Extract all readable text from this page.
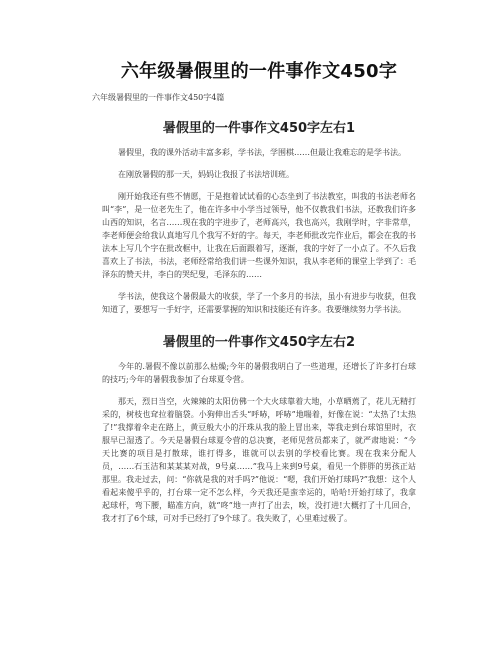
六年级暑假里的一件事作文450字

六年级暑假里的一件事作文450字4篇

暑假里的一件事作文450字左右1

暑假里，我的课外活动丰富多彩，学书法，学围棋……但最让我难忘的是学书法。

在刚放暑假的那一天，妈妈让我报了书法培训班。

刚开始我还有些不情愿，于是抱着试试看的心态坐到了书法教室，叫我的书法老师名叫“李”，是一位老先生了，他在许多中小学当过领导，他不仅教我们书法，还教我们许多山西的知识，名言……现在我的字进步了，老师高兴，我也高兴，我刚学时，字非常草，李老师便会给我认真地写几个我写不好的字。每天，李老师批改完作业后，都会在我的书法本上写几个字在批改框中，让我在后面跟着写，逐渐，我的字好了一小点了。不久后我喜欢上了书法，书法，老师经常给我们讲一些课外知识，我从李老师的课堂上学到了：毛泽东的赞天井，李白的哭纪叟，毛泽东的……

学书法，使我这个暑假最大的收获，学了一个多月的书法，虽小有进步与收获，但我知道了，要想写一手好字，还需要掌握的知识和技能还有许多。我要继续努力学书法。

暑假里的一件事作文450字左右2

今年的.暑假不像以前那么枯燥;今年的暑假我明白了一些道理，还增长了许多打台球的技巧;今年的暑假我参加了台球夏令营。

那天，烈日当空，火辣辣的太阳仿佛一个大火球靠着大地，小草晒蔫了，花儿无精打采的，树枝也耷拉着脑袋。小狗伸出舌头“呼哧，呼哧”地喘着，好像在说：“太热了!太热了!”我撑着伞走在路上，黄豆般大小的汗珠从我的脸上冒出来，等我走到台球馆里时，衣服早已湿透了。今天是暑假台球夏令营的总决赛，老师见营员都来了，就严肃地说：“今天比赛的项目是打散球，谁打得多，谁就可以去别的学校看比赛。现在我来分配人员，……石玉洁和某某某对战，9号桌……”我马上来到9号桌，看见一个胖胖的男孩正站那里。我走过去，问：“你就是我的对手吗?”他说：“嗯，我们开始打球吗?”我想：这个人看起来傻乎乎的，打台球一定不怎么样，今天我还是蛮幸运的，哈哈!开始打球了，我拿起球杆，弯下腰，瞄准方向，就“咚”地一声打了出去，唉，没打进!大概打了十几回合，我才打了6个球，可对手已经打了9个球了。我失败了，心里难过极了。
